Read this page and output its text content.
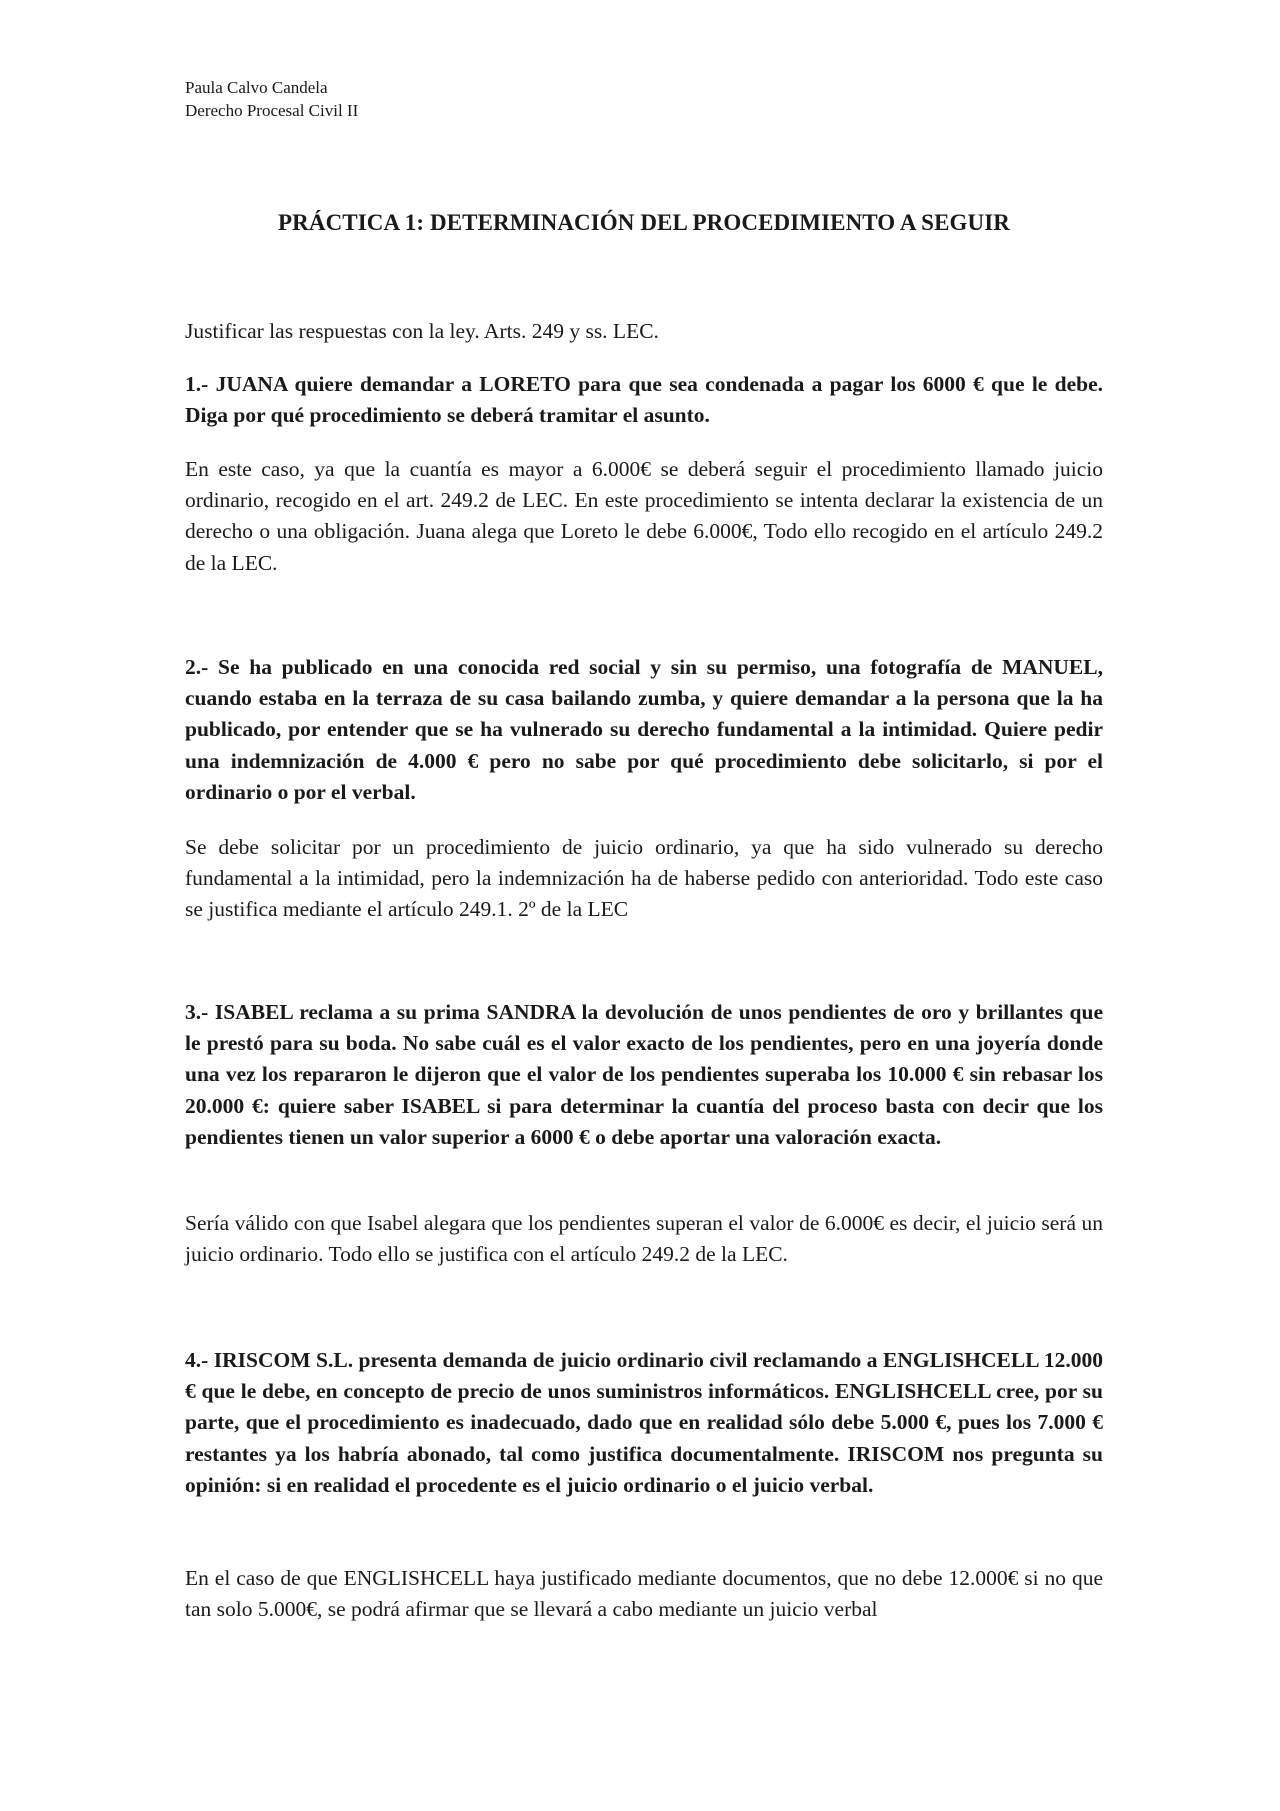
Paula Calvo Candela
Derecho Procesal Civil II
PRÁCTICA 1: DETERMINACIÓN DEL PROCEDIMIENTO A SEGUIR

Justificar las respuestas con la ley. Arts. 249 y ss. LEC.

1.- JUANA quiere demandar a LORETO para que sea condenada a pagar los 6000 € que le debe. Diga por qué procedimiento se deberá tramitar el asunto.

En este caso, ya que la cuantía es mayor a 6.000€ se deberá seguir el procedimiento llamado juicio ordinario, recogido en el art. 249.2 de LEC. En este procedimiento se intenta declarar la existencia de un derecho o una obligación. Juana alega que Loreto le debe 6.000€, Todo ello recogido en el artículo 249.2 de la LEC.

2.- Se ha publicado en una conocida red social y sin su permiso, una fotografía de MANUEL, cuando estaba en la terraza de su casa bailando zumba, y quiere demandar a la persona que la ha publicado, por entender que se ha vulnerado su derecho fundamental a la intimidad. Quiere pedir una indemnización de 4.000 € pero no sabe por qué procedimiento debe solicitarlo, si por el ordinario o por el verbal.

Se debe solicitar por un procedimiento de juicio ordinario, ya que ha sido vulnerado su derecho fundamental a la intimidad, pero la indemnización ha de haberse pedido con anterioridad. Todo este caso se justifica mediante el artículo 249.1. 2º de la LEC

3.- ISABEL reclama a su prima SANDRA la devolución de unos pendientes de oro y brillantes que le prestó para su boda. No sabe cuál es el valor exacto de los pendientes, pero en una joyería donde una vez los repararon le dijeron que el valor de los pendientes superaba los 10.000 € sin rebasar los 20.000 €: quiere saber ISABEL si para determinar la cuantía del proceso basta con decir que los pendientes tienen un valor superior a 6000 € o debe aportar una valoración exacta.

Sería válido con que Isabel alegara que los pendientes superan el valor de 6.000€ es decir, el juicio será un juicio ordinario. Todo ello se justifica con el artículo 249.2 de la LEC.

4.- IRISCOM S.L. presenta demanda de juicio ordinario civil reclamando a ENGLISHCELL 12.000 € que le debe, en concepto de precio de unos suministros informáticos. ENGLISHCELL cree, por su parte, que el procedimiento es inadecuado, dado que en realidad sólo debe 5.000 €, pues los 7.000 € restantes ya los habría abonado, tal como justifica documentalmente. IRISCOM nos pregunta su opinión: si en realidad el procedente es el juicio ordinario o el juicio verbal.

En el caso de que ENGLISHCELL haya justificado mediante documentos, que no debe 12.000€ si no que tan solo 5.000€, se podrá afirmar que se llevará a cabo mediante un juicio verbal
